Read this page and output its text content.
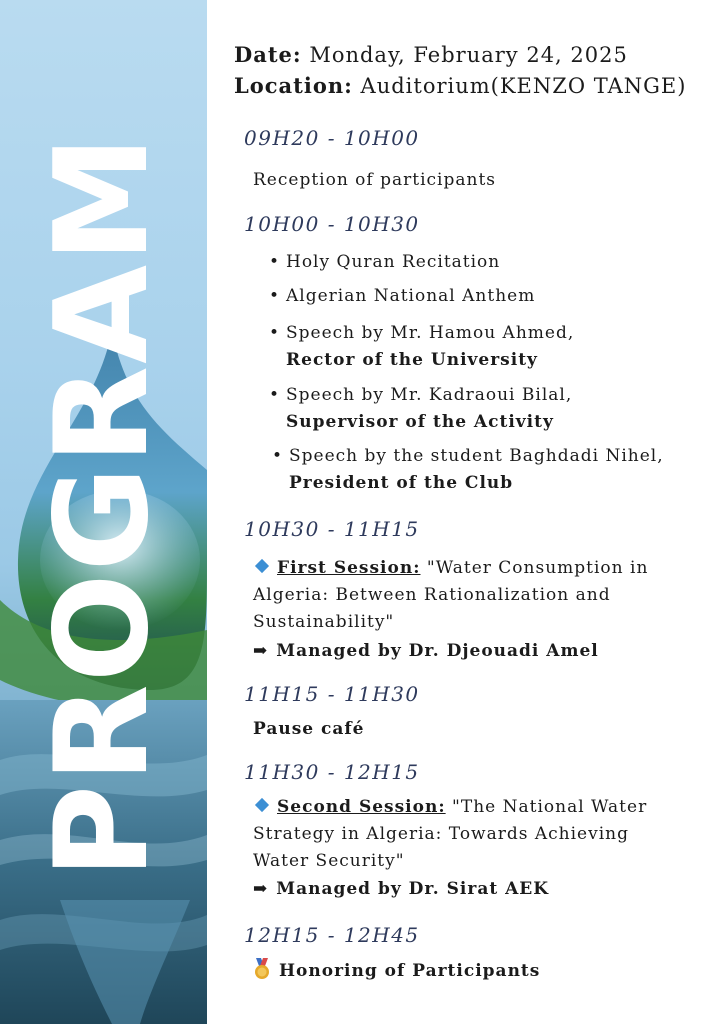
PROGRAM
Date: Monday, February 24, 2025
Location: Auditorium(KENZO TANGE)
09H20 - 10H00
Reception of participants
10H00 - 10H30
• Holy Quran Recitation
• Algerian National Anthem
• Speech by Mr. Hamou Ahmed,
Rector of the University
• Speech by Mr. Kadraoui Bilal,
Supervisor of the Activity
• Speech by the student Baghdadi Nihel,
President of the Club
10H30 - 11H15
First Session: "Water Consumption in
Algeria: Between Rationalization and
Sustainability"
➡ Managed by Dr. Djeouadi Amel
11H15 - 11H30
Pause café
11H30 - 12H15
Second Session: "The National Water
Strategy in Algeria: Towards Achieving
Water Security"
➡ Managed by Dr. Sirat AEK
12H15 - 12H45
Honoring of Participants
